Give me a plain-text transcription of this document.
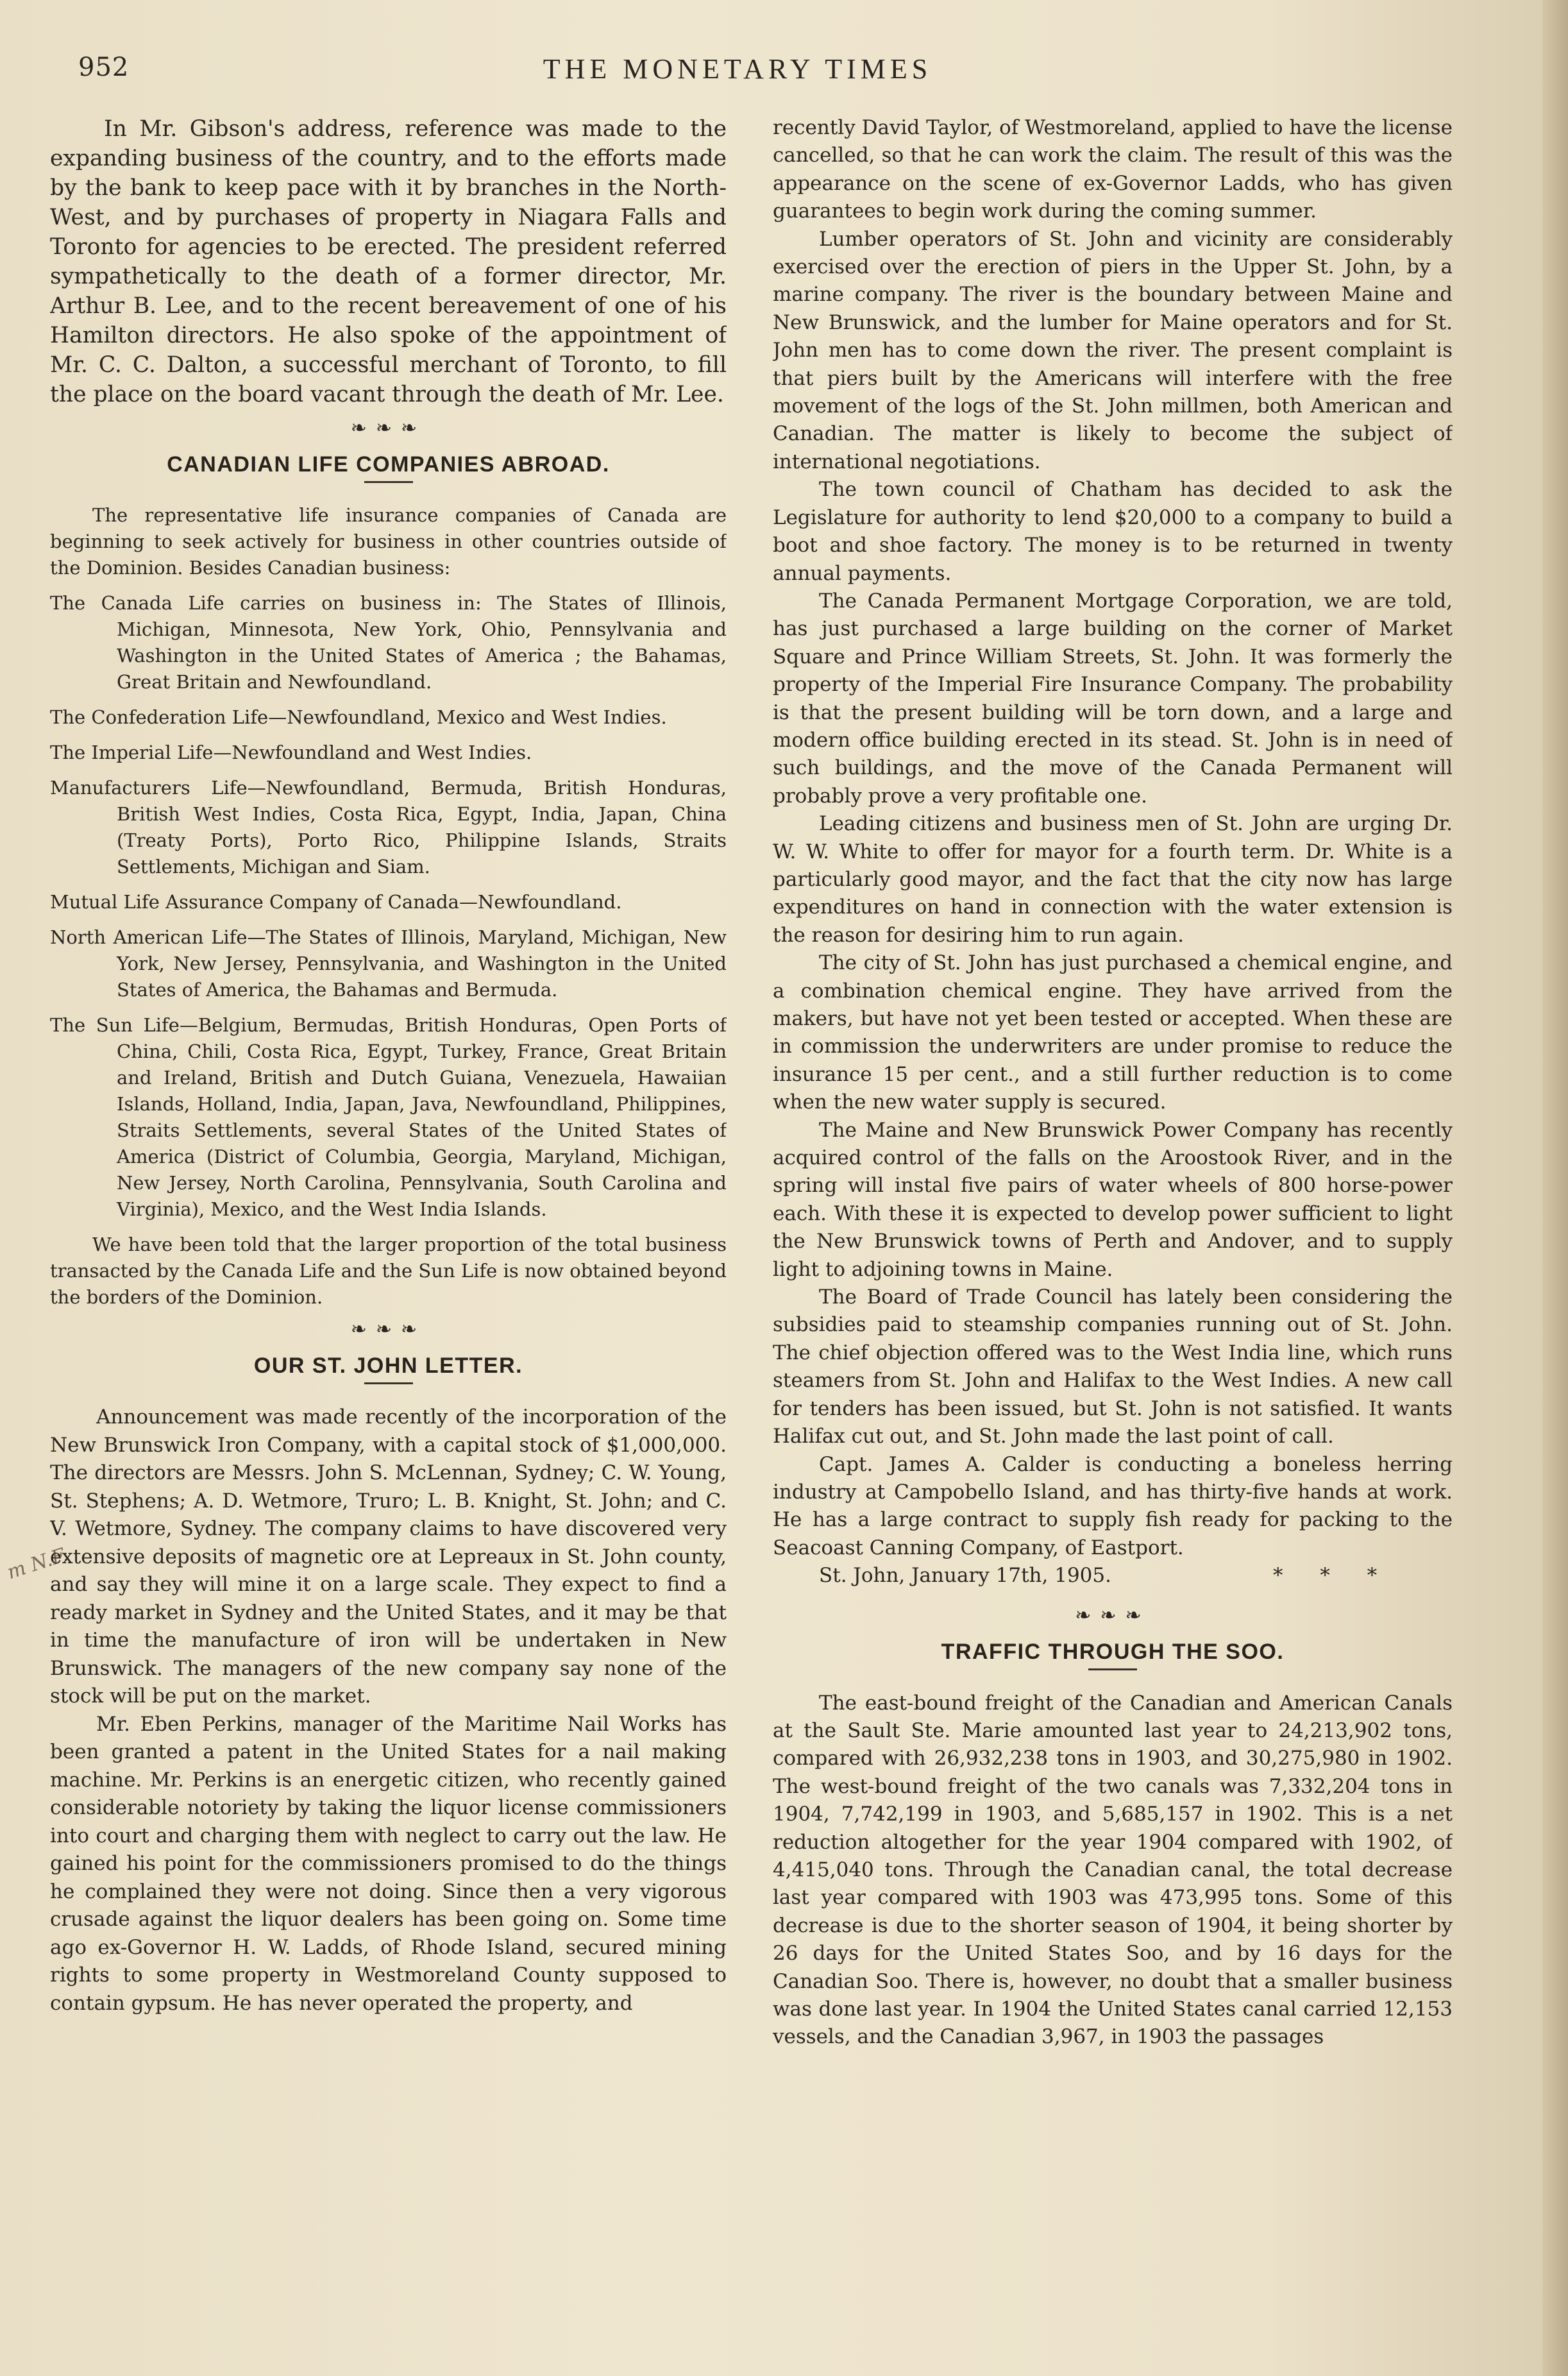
952	THE MONETARY TIMES
m N.F.

In Mr. Gibson's address, reference was made to the expanding business of the country, and to the efforts made by the bank to keep pace with it by branches in the North-West, and by purchases of property in Niagara Falls and Toronto for agencies to be erected. The president referred sympathetically to the death of a former director, Mr. Arthur B. Lee, and to the recent bereavement of one of his Hamilton directors. He also spoke of the appointment of Mr. C. C. Dalton, a successful merchant of Toronto, to fill the place on the board vacant through the death of Mr. Lee.

❧❧❧
CANADIAN LIFE COMPANIES ABROAD.

The representative life insurance companies of Canada are beginning to seek actively for business in other countries outside of the Dominion. Besides Canadian business:

The Canada Life carries on business in: The States of Illinois, Michigan, Minnesota, New York, Ohio, Pennsylvania and Washington in the United States of America ; the Bahamas, Great Britain and Newfoundland.

The Confederation Life—Newfoundland, Mexico and West Indies.

The Imperial Life—Newfoundland and West Indies.

Manufacturers Life—Newfoundland, Bermuda, British Honduras, British West Indies, Costa Rica, Egypt, India, Japan, China (Treaty Ports), Porto Rico, Philippine Islands, Straits Settlements, Michigan and Siam.

Mutual Life Assurance Company of Canada—Newfoundland.

North American Life—The States of Illinois, Maryland, Michigan, New York, New Jersey, Pennsylvania, and Washington in the United States of America, the Bahamas and Bermuda.

The Sun Life—Belgium, Bermudas, British Honduras, Open Ports of China, Chili, Costa Rica, Egypt, Turkey, France, Great Britain and Ireland, British and Dutch Guiana, Venezuela, Hawaiian Islands, Holland, India, Japan, Java, Newfoundland, Philippines, Straits Settlements, several States of the United States of America (District of Columbia, Georgia, Maryland, Michigan, New Jersey, North Carolina, Pennsylvania, South Carolina and Virginia), Mexico, and the West India Islands.

We have been told that the larger proportion of the total business transacted by the Canada Life and the Sun Life is now obtained beyond the borders of the Dominion.

❧❧❧
OUR ST. JOHN LETTER.

Announcement was made recently of the incorporation of the New Brunswick Iron Company, with a capital stock of $1,000,000. The directors are Messrs. John S. McLennan, Sydney; C. W. Young, St. Stephens; A. D. Wetmore, Truro; L. B. Knight, St. John; and C. V. Wetmore, Sydney. The company claims to have discovered very extensive deposits of magnetic ore at Lepreaux in St. John county, and say they will mine it on a large scale. They expect to find a ready market in Sydney and the United States, and it may be that in time the manufacture of iron will be undertaken in New Brunswick. The managers of the new company say none of the stock will be put on the market.

Mr. Eben Perkins, manager of the Maritime Nail Works has been granted a patent in the United States for a nail making machine. Mr. Perkins is an energetic citizen, who recently gained considerable notoriety by taking the liquor license commissioners into court and charging them with neglect to carry out the law. He gained his point for the commissioners promised to do the things he complained they were not doing. Since then a very vigorous crusade against the liquor dealers has been going on. Some time ago ex-Governor H. W. Ladds, of Rhode Island, secured mining rights to some property in Westmoreland County supposed to contain gypsum. He has never operated the property, and

recently David Taylor, of Westmoreland, applied to have the license cancelled, so that he can work the claim. The result of this was the appearance on the scene of ex-Governor Ladds, who has given guarantees to begin work during the coming summer.

Lumber operators of St. John and vicinity are considerably exercised over the erection of piers in the Upper St. John, by a marine company. The river is the boundary between Maine and New Brunswick, and the lumber for Maine operators and for St. John men has to come down the river. The present complaint is that piers built by the Americans will interfere with the free movement of the logs of the St. John millmen, both American and Canadian. The matter is likely to become the subject of international negotiations.

The town council of Chatham has decided to ask the Legislature for authority to lend $20,000 to a company to build a boot and shoe factory. The money is to be returned in twenty annual payments.

The Canada Permanent Mortgage Corporation, we are told, has just purchased a large building on the corner of Market Square and Prince William Streets, St. John. It was formerly the property of the Imperial Fire Insurance Company. The probability is that the present building will be torn down, and a large and modern office building erected in its stead. St. John is in need of such buildings, and the move of the Canada Permanent will probably prove a very profitable one.

Leading citizens and business men of St. John are urging Dr. W. W. White to offer for mayor for a fourth term. Dr. White is a particularly good mayor, and the fact that the city now has large expenditures on hand in connection with the water extension is the reason for desiring him to run again.

The city of St. John has just purchased a chemical engine, and a combination chemical engine. They have arrived from the makers, but have not yet been tested or accepted. When these are in commission the underwriters are under promise to reduce the insurance 15 per cent., and a still further reduction is to come when the new water supply is secured.

The Maine and New Brunswick Power Company has recently acquired control of the falls on the Aroostook River, and in the spring will instal five pairs of water wheels of 800 horse-power each. With these it is expected to develop power sufficient to light the New Brunswick towns of Perth and Andover, and to supply light to adjoining towns in Maine.

The Board of Trade Council has lately been considering the subsidies paid to steamship companies running out of St. John. The chief objection offered was to the West India line, which runs steamers from St. John and Halifax to the West Indies. A new call for tenders has been issued, but St. John is not satisfied. It wants Halifax cut out, and St. John made the last point of call.

Capt. James A. Calder is conducting a boneless herring industry at Campobello Island, and has thirty-five hands at work. He has a large contract to supply fish ready for packing to the Seacoast Canning Company, of Eastport.

St. John, January 17th, 1905.	* * *

❧❧❧
TRAFFIC THROUGH THE SOO.

The east-bound freight of the Canadian and American Canals at the Sault Ste. Marie amounted last year to 24,213,902 tons, compared with 26,932,238 tons in 1903, and 30,275,980 in 1902. The west-bound freight of the two canals was 7,332,204 tons in 1904, 7,742,199 in 1903, and 5,685,157 in 1902. This is a net reduction altogether for the year 1904 compared with 1902, of 4,415,040 tons. Through the Canadian canal, the total decrease last year compared with 1903 was 473,995 tons. Some of this decrease is due to the shorter season of 1904, it being shorter by 26 days for the United States Soo, and by 16 days for the Canadian Soo. There is, however, no doubt that a smaller business was done last year. In 1904 the United States canal carried 12,153 vessels, and the Canadian 3,967, in 1903 the passages
